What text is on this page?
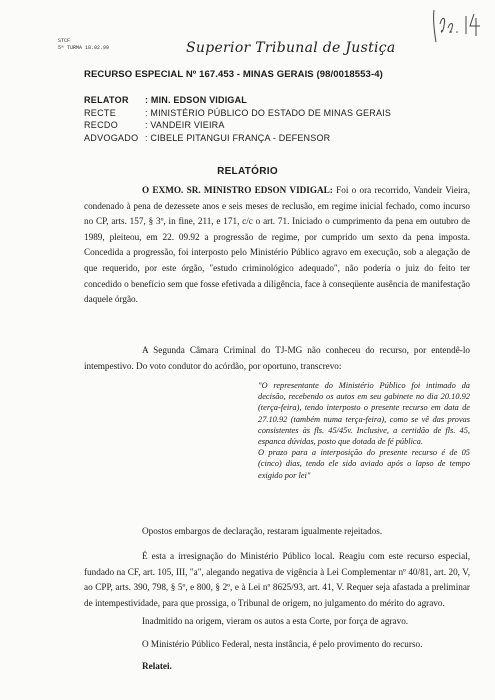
STCF
5ª TURMA 18.02.99	Superior Tribunal de Justiça
RECURSO ESPECIAL Nº 167.453 - MINAS GERAIS (98/0018553-4)
RELATOR	: MIN. EDSON VIDIGAL
RECTE	: MINISTÉRIO PÚBLICO DO ESTADO DE MINAS GERAIS
RECDO	: VANDEIR VIEIRA
ADVOGADO : CIBELE PITANGUI FRANÇA - DEFENSOR
RELATÓRIO
O EXMO. SR. MINISTRO EDSON VIDIGAL: Foi o ora recorrido, Vandeir Vieira, condenado à pena de dezessete anos e seis meses de reclusão, em regime inicial fechado, como incurso no CP, arts. 157, § 3º, in fine, 211, e 171, c/c o art. 71. Iniciado o cumprimento da pena em outubro de 1989, pleiteou, em 22. 09.92 a progressão de regime, por cumprido um sexto da pena imposta. Concedida a progressão, foi interposto pelo Ministério Público agravo em execução, sob a alegação de que requerido, por este órgão, "estudo criminológico adequado", não poderia o juiz do feito ter concedido o benefício sem que fosse efetivada a diligência, face à conseqüente ausência de manifestação daquele órgão.
A Segunda Câmara Criminal do TJ-MG não conheceu do recurso, por entendê-lo intempestivo. Do voto condutor do acórdão, por oportuno, transcrevo:

"O representante do Ministério Público foi intimado da decisão, recebendo os autos em seu gabinete no dia 20.10.92 (terça-feira), tendo interposto o presente recurso em data de 27.10.92 (também numa terça-feira), como se vê das provas consistentes às fls. 45/45v. Inclusive, a certidão de fls. 45, espanca dúvidas, posto que dotada de fé pública.

O prazo para a interposição do presente recurso é de 05 (cinco) dias, tendo ele sido aviado após o lapso de tempo exigido por lei"

Opostos embargos de declaração, restaram igualmente rejeitados.
É esta a irresignação do Ministério Público local. Reagiu com este recurso especial, fundado na CF, art. 105, III, "a", alegando negativa de vigência à Lei Complementar nº 40/81, art. 20, V, ao CPP, arts. 390, 798, § 5º, e 800, § 2º, e à Lei nº 8625/93, art. 41, V. Requer seja afastada a preliminar de intempestividade, para que prossiga, o Tribunal de origem, no julgamento do mérito do agravo.
Inadmitido na origem, vieram os autos a esta Corte, por força de agravo.
O Ministério Público Federal, nesta instância, é pelo provimento do recurso.
Relatei.
